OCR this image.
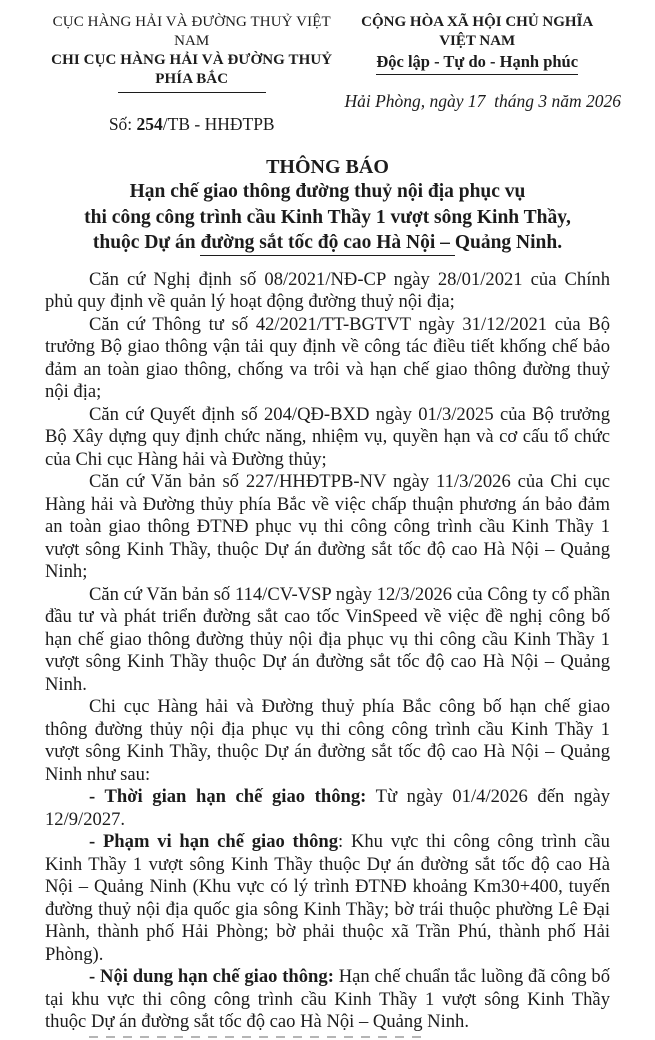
CỤC HÀNG HẢI VÀ ĐƯỜNG THUỶ VIỆT NAM
CHI CỤC HÀNG HẢI VÀ ĐƯỜNG THUỶ PHÍA BẮC
Số: 254/TB - HHĐTPB
CỘNG HÒA XÃ HỘI CHỦ NGHĨA VIỆT NAM
Độc lập - Tự do - Hạnh phúc
Hải Phòng, ngày 17  tháng 3 năm 2026
THÔNG BÁO
Hạn chế giao thông đường thuỷ nội địa phục vụ
thi công công trình cầu Kinh Thầy 1 vượt sông Kinh Thầy,
thuộc Dự án đường sắt tốc độ cao Hà Nội – Quảng Ninh.

Căn cứ Nghị định số 08/2021/NĐ-CP ngày 28/01/2021 của Chính phủ quy định về quản lý hoạt động đường thuỷ nội địa;

Căn cứ Thông tư số 42/2021/TT-BGTVT ngày 31/12/2021 của Bộ trưởng Bộ giao thông vận tải quy định về công tác điều tiết khống chế bảo đảm an toàn giao thông, chống va trôi và hạn chế giao thông đường thuỷ nội địa;

Căn cứ Quyết định số 204/QĐ-BXD ngày 01/3/2025 của Bộ trưởng Bộ Xây dựng quy định chức năng, nhiệm vụ, quyền hạn và cơ cấu tổ chức của Chi cục Hàng hải và Đường thủy;

Căn cứ Văn bản số 227/HHĐTPB-NV ngày 11/3/2026 của Chi cục Hàng hải và Đường thủy phía Bắc về việc chấp thuận phương án bảo đảm an toàn giao thông ĐTNĐ phục vụ thi công công trình cầu Kinh Thầy 1 vượt sông Kinh Thầy, thuộc Dự án đường sắt tốc độ cao Hà Nội – Quảng Ninh;

Căn cứ Văn bản số 114/CV-VSP ngày 12/3/2026 của Công ty cổ phần đầu tư và phát triển đường sắt cao tốc VinSpeed về việc đề nghị công bố hạn chế giao thông đường thủy nội địa phục vụ thi công cầu Kinh Thầy 1 vượt sông Kinh Thầy thuộc Dự án đường sắt tốc độ cao Hà Nội – Quảng Ninh.

Chi cục Hàng hải và Đường thuỷ phía Bắc công bố hạn chế giao thông đường thủy nội địa phục vụ thi công công trình cầu Kinh Thầy 1 vượt sông Kinh Thầy, thuộc Dự án đường sắt tốc độ cao Hà Nội – Quảng Ninh như sau:

- Thời gian hạn chế giao thông: Từ ngày 01/4/2026 đến ngày 12/9/2027.

- Phạm vi hạn chế giao thông: Khu vực thi công công trình cầu Kinh Thầy 1 vượt sông Kinh Thầy thuộc Dự án đường sắt tốc độ cao Hà Nội – Quảng Ninh (Khu vực có lý trình ĐTNĐ khoảng Km30+400, tuyến đường thuỷ nội địa quốc gia sông Kinh Thầy; bờ trái thuộc phường Lê Đại Hành, thành phố Hải Phòng; bờ phải thuộc xã Trần Phú, thành phố Hải Phòng).

- Nội dung hạn chế giao thông: Hạn chế chuẩn tắc luồng đã công bố tại khu vực thi công công trình cầu Kinh Thầy 1 vượt sông Kinh Thầy thuộc Dự án đường sắt tốc độ cao Hà Nội – Quảng Ninh.
